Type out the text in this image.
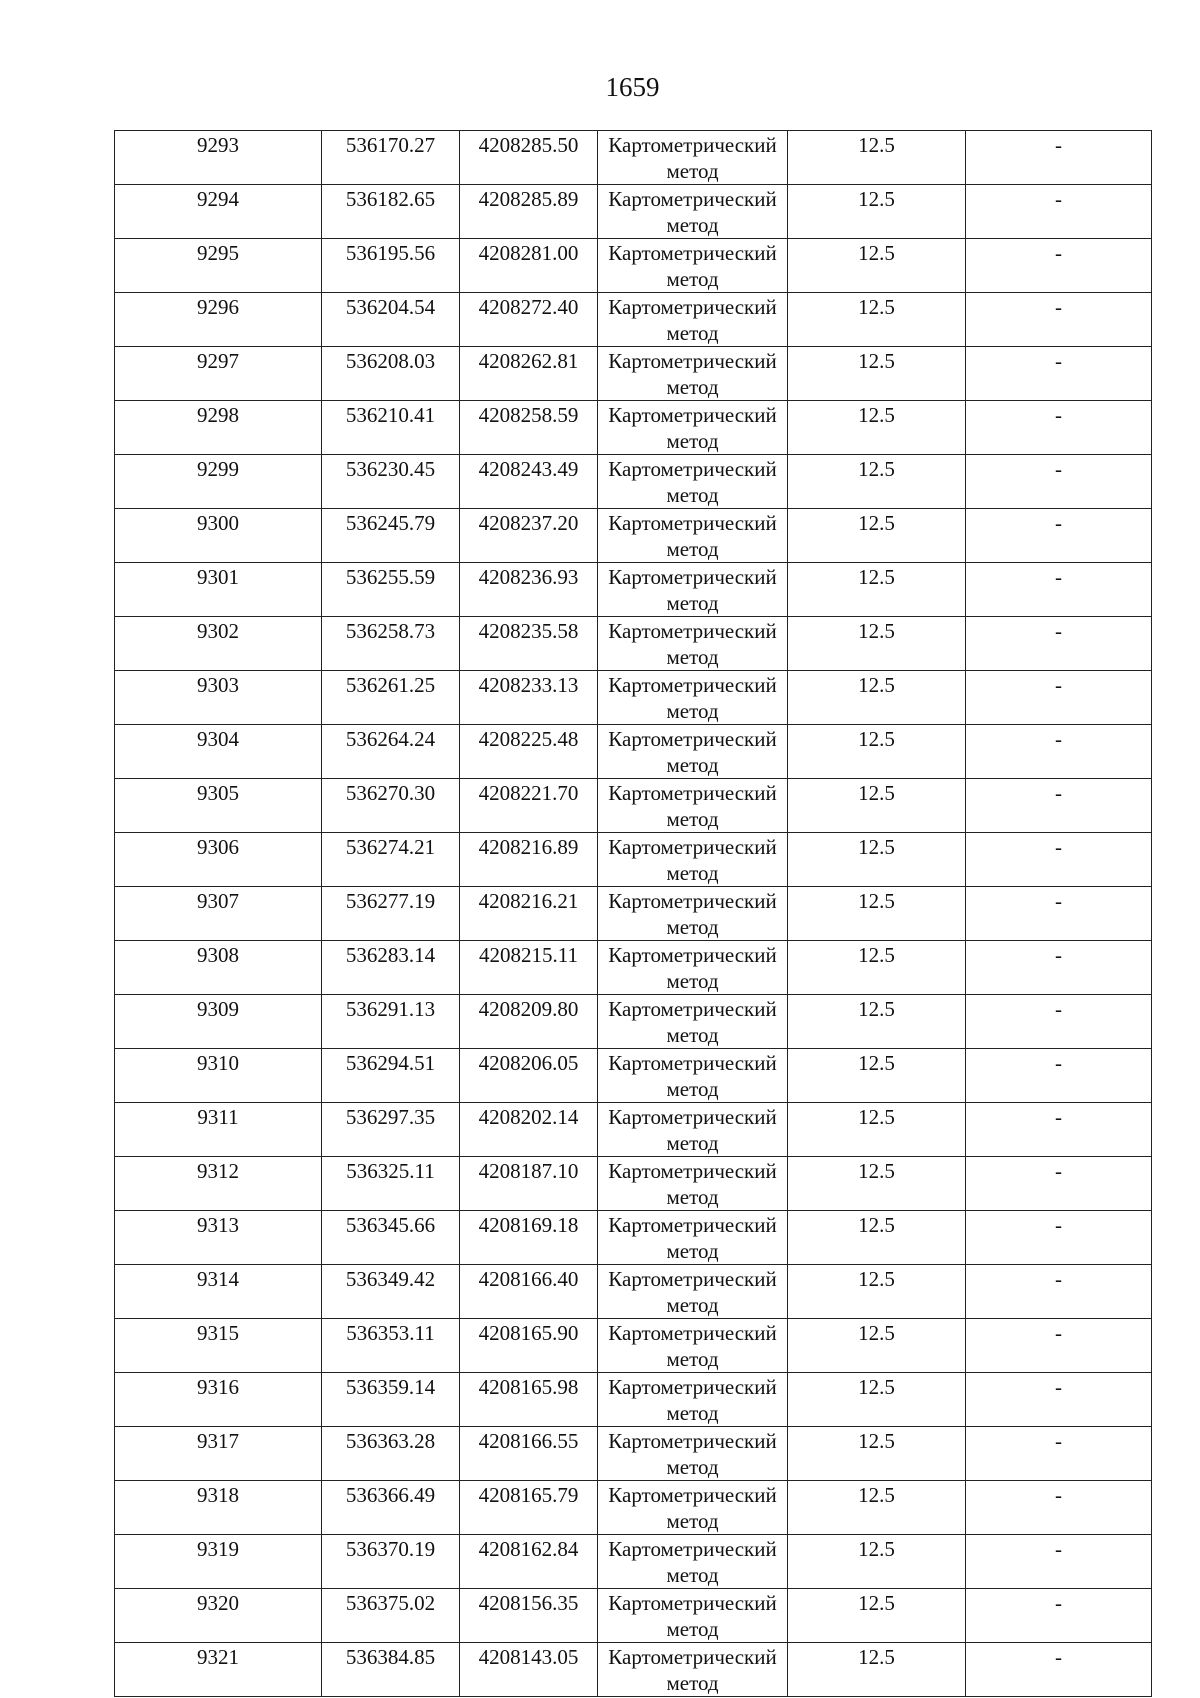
1659
9293	536170.27	4208285.50	Картометрический метод	12.5	-

9294	536182.65	4208285.89	Картометрический метод	12.5	-

9295	536195.56	4208281.00	Картометрический метод	12.5	-

9296	536204.54	4208272.40	Картометрический метод	12.5	-

9297	536208.03	4208262.81	Картометрический метод	12.5	-

9298	536210.41	4208258.59	Картометрический метод	12.5	-

9299	536230.45	4208243.49	Картометрический метод	12.5	-

9300	536245.79	4208237.20	Картометрический метод	12.5	-

9301	536255.59	4208236.93	Картометрический метод	12.5	-

9302	536258.73	4208235.58	Картометрический метод	12.5	-

9303	536261.25	4208233.13	Картометрический метод	12.5	-

9304	536264.24	4208225.48	Картометрический метод	12.5	-

9305	536270.30	4208221.70	Картометрический метод	12.5	-

9306	536274.21	4208216.89	Картометрический метод	12.5	-

9307	536277.19	4208216.21	Картометрический метод	12.5	-

9308	536283.14	4208215.11	Картометрический метод	12.5	-

9309	536291.13	4208209.80	Картометрический метод	12.5	-

9310	536294.51	4208206.05	Картометрический метод	12.5	-

9311	536297.35	4208202.14	Картометрический метод	12.5	-

9312	536325.11	4208187.10	Картометрический метод	12.5	-

9313	536345.66	4208169.18	Картометрический метод	12.5	-

9314	536349.42	4208166.40	Картометрический метод	12.5	-

9315	536353.11	4208165.90	Картометрический метод	12.5	-

9316	536359.14	4208165.98	Картометрический метод	12.5	-

9317	536363.28	4208166.55	Картометрический метод	12.5	-

9318	536366.49	4208165.79	Картометрический метод	12.5	-

9319	536370.19	4208162.84	Картометрический метод	12.5	-

9320	536375.02	4208156.35	Картометрический метод	12.5	-

9321	536384.85	4208143.05	Картометрический метод	12.5	-
